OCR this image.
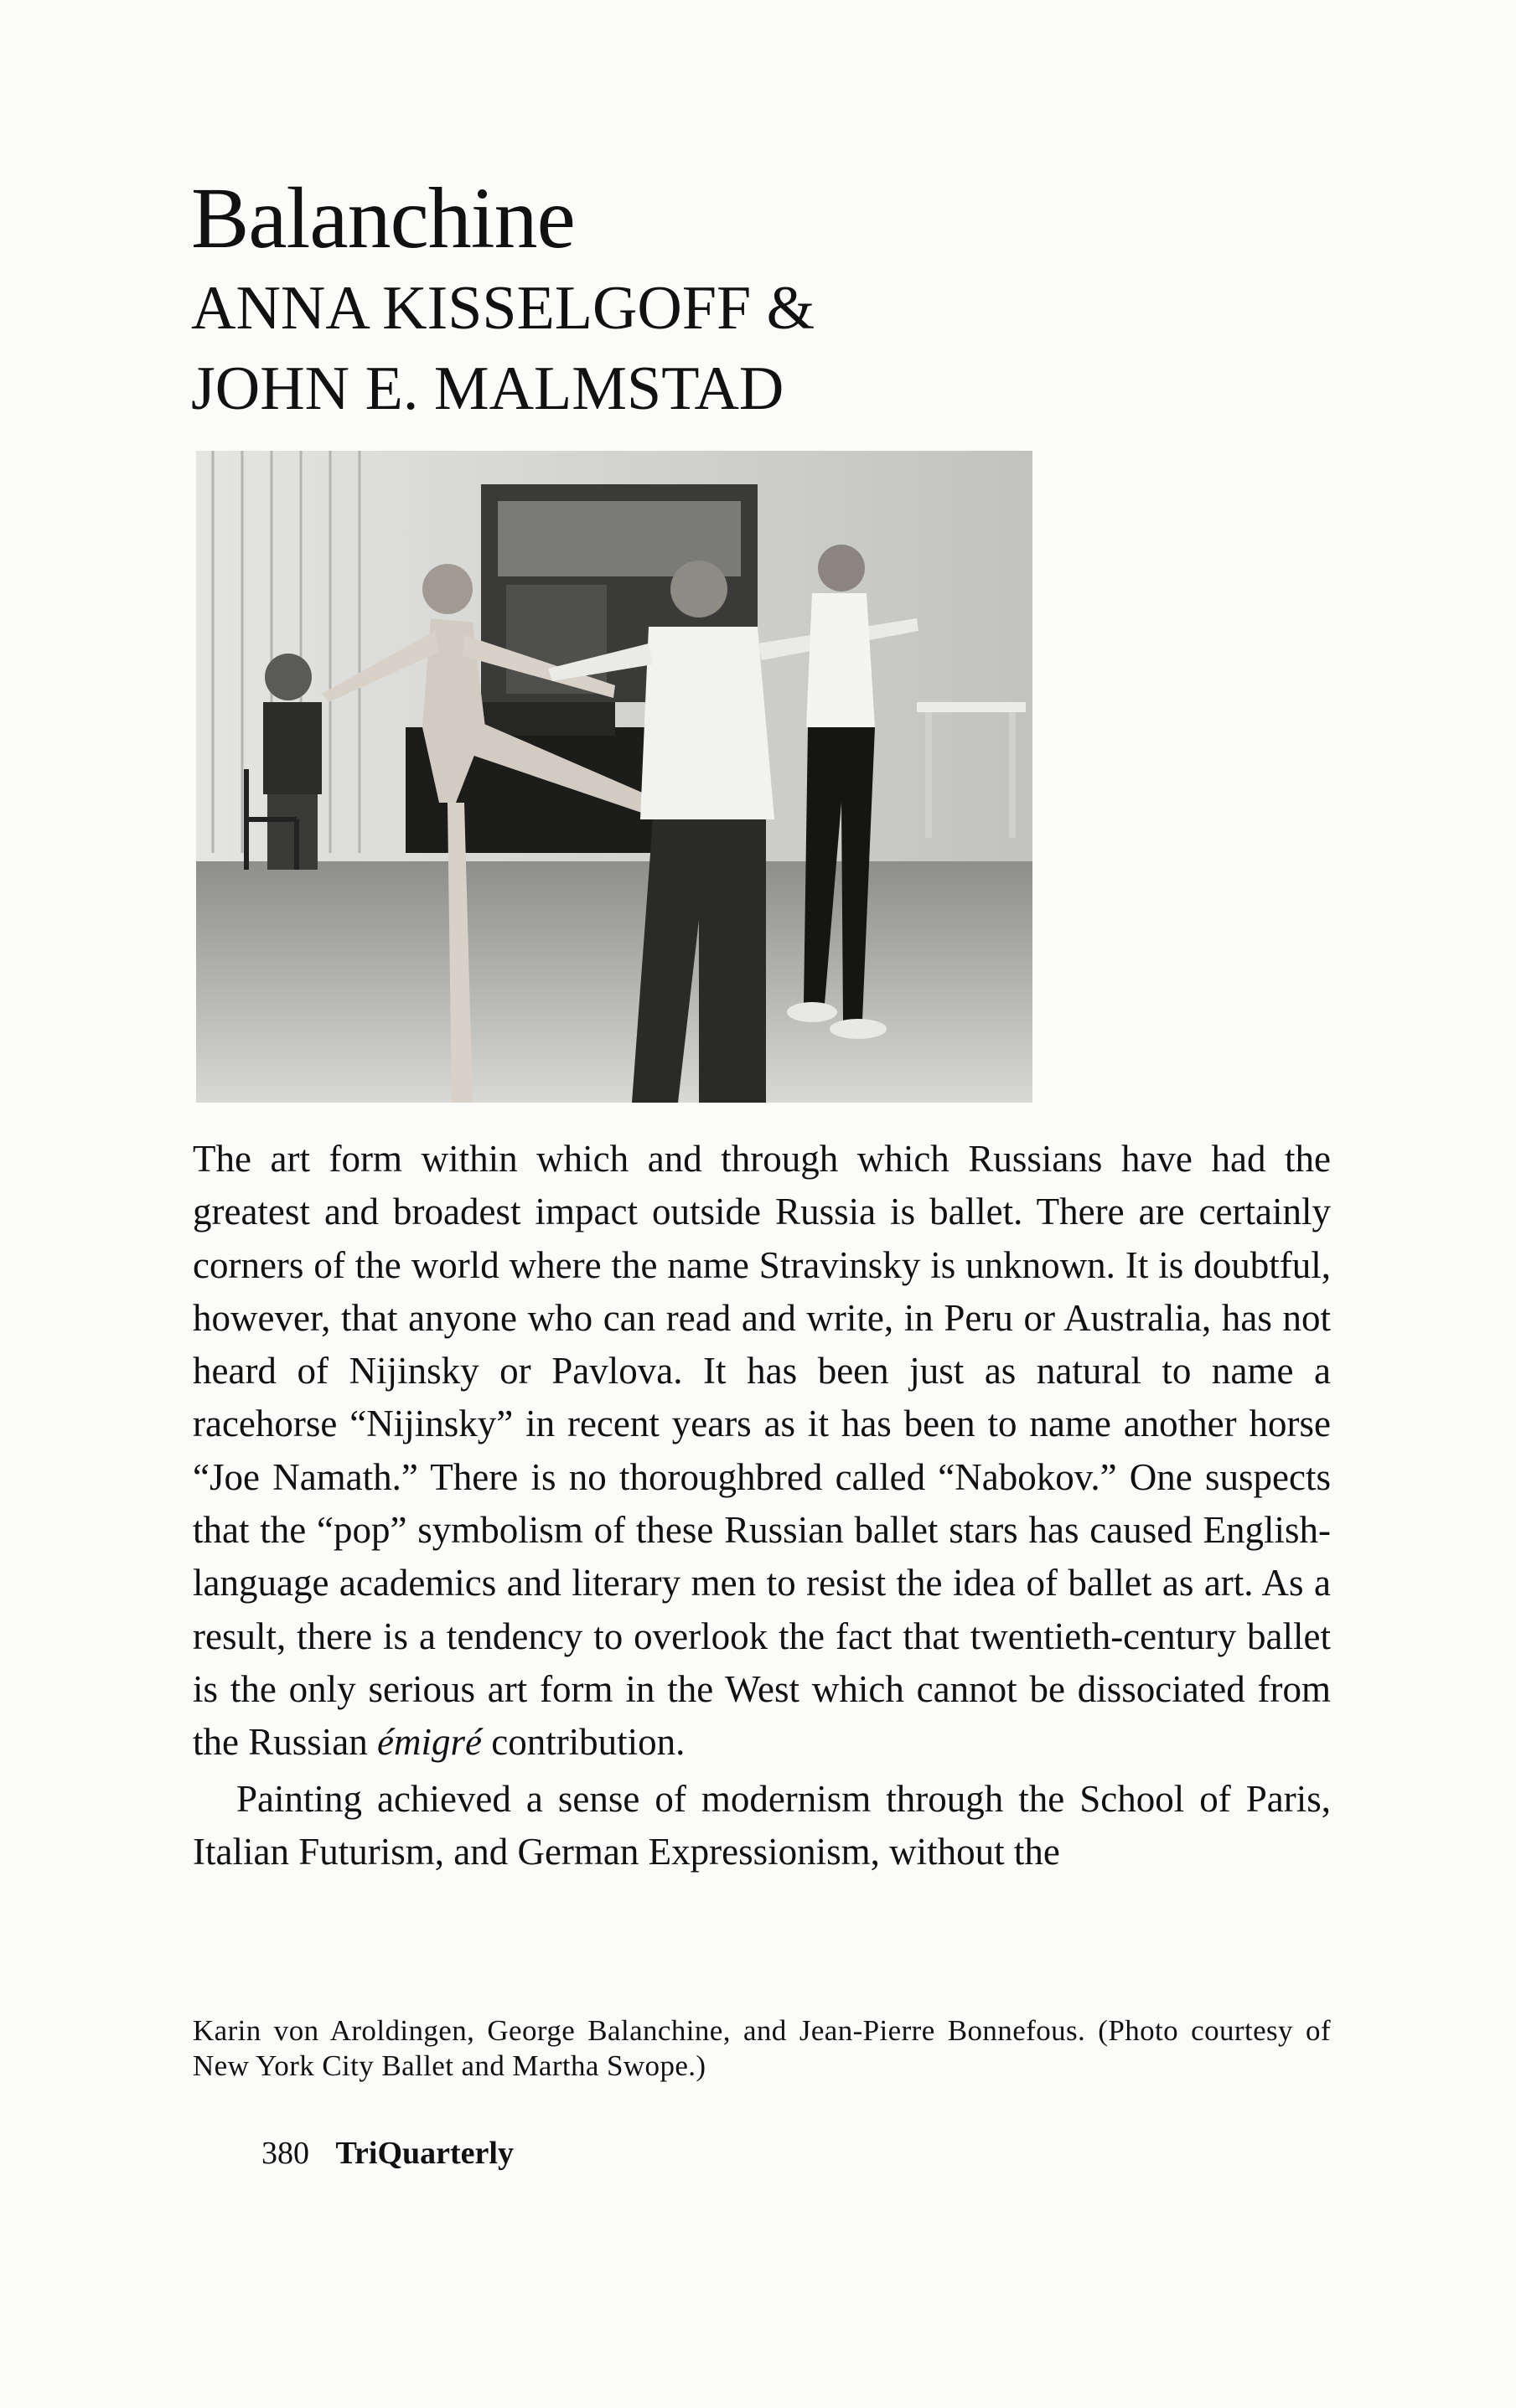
Balanchine
ANNA KISSELGOFF &
JOHN E. MALMSTAD

The art form within which and through which Russians have had the greatest and broadest impact outside Russia is ballet. There are certainly corners of the world where the name Stravinsky is unknown. It is doubtful, however, that anyone who can read and write, in Peru or Australia, has not heard of Nijinsky or Pavlova. It has been just as natural to name a racehorse “Nijinsky” in recent years as it has been to name another horse “Joe Namath.” There is no thoroughbred called “Nabokov.” One suspects that the “pop” symbolism of these Russian ballet stars has caused English-language academics and literary men to resist the idea of ballet as art. As a result, there is a tendency to overlook the fact that twentieth-century ballet is the only serious art form in the West which cannot be dissociated from the Russian émigré contribution.

Painting achieved a sense of modernism through the School of Paris, Italian Futurism, and German Expressionism, without the

Karin von Aroldingen, George Balanchine, and Jean-Pierre Bonnefous. (Photo courtesy of New York City Ballet and Martha Swope.)

380 TriQuarterly
